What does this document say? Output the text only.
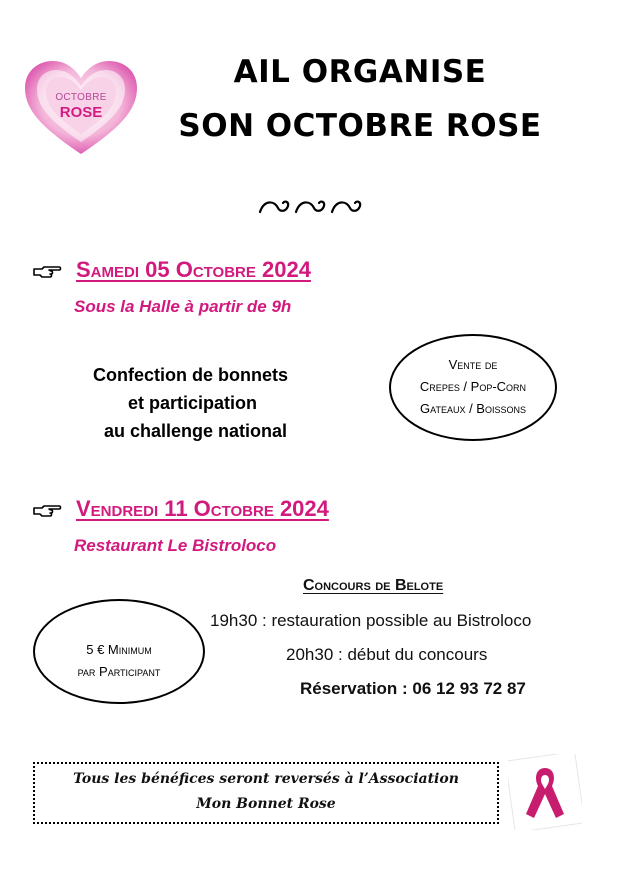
OCTOBRE
ROSE
AIL ORGANISE
SON OCTOBRE ROSE
Samedi 05 Octobre 2024
Sous la Halle à partir de 9h
Confection de bonnets
et participation
au challenge national
Vente de
Crepes / Pop-Corn
Gateaux / Boissons
Vendredi 11 Octobre 2024
Restaurant Le Bistroloco
Concours de Belote
19h30 : restauration possible au Bistroloco
20h30 : début du concours
Réservation : 06 12 93 72 87
5 € Minimum
par Participant
Tous les bénéfices seront reversés à l’Association
Mon Bonnet Rose
